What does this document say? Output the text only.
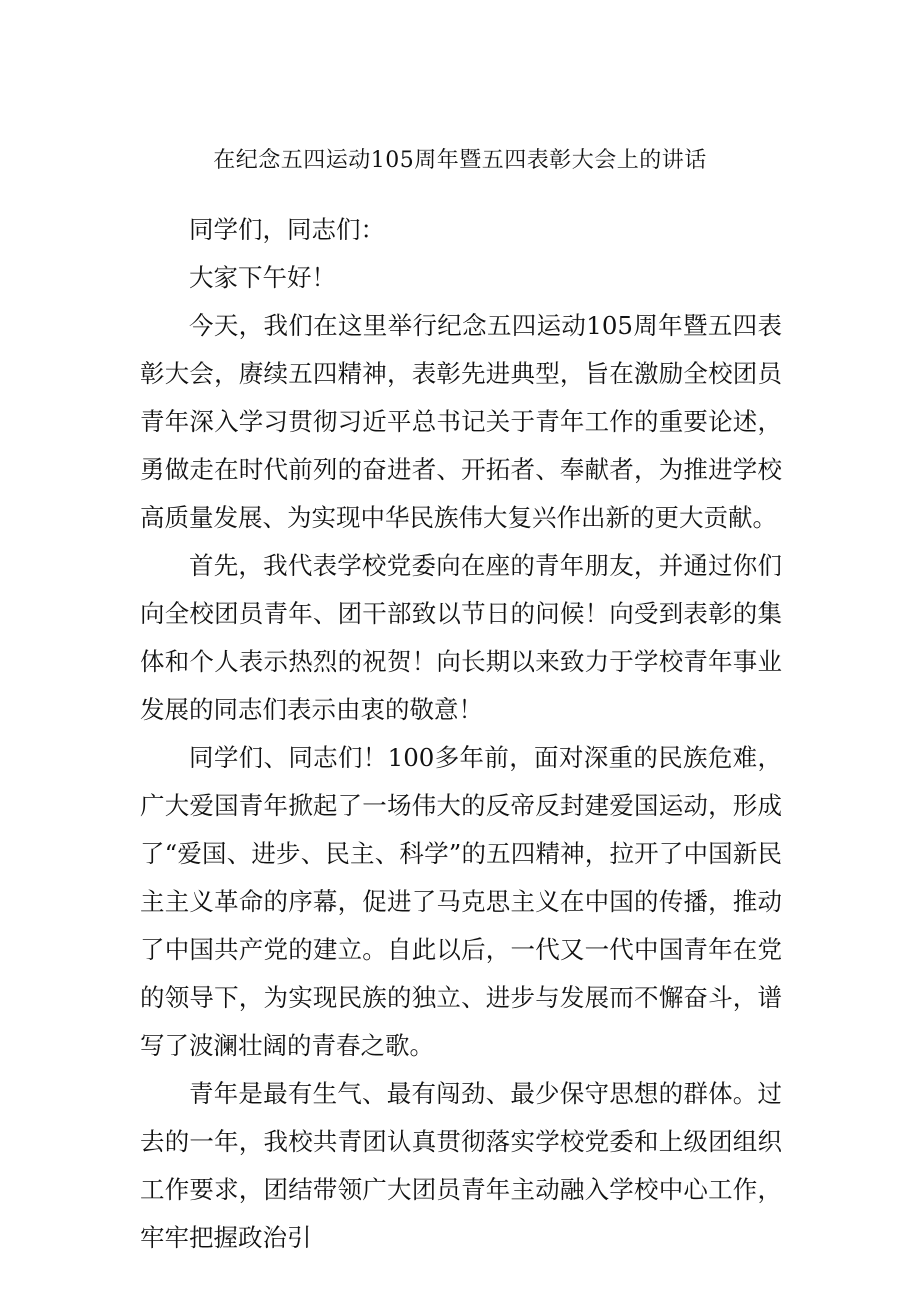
在纪念五四运动105周年暨五四表彰大会上的讲话

同学们，同志们：

大家下午好！

今天，我们在这里举行纪念五四运动105周年暨五四表彰大会，赓续五四精神，表彰先进典型，旨在激励全校团员青年深入学习贯彻习近平总书记关于青年工作的重要论述，勇做走在时代前列的奋进者、开拓者、奉献者，为推进学校高质量发展、为实现中华民族伟大复兴作出新的更大贡献。

首先，我代表学校党委向在座的青年朋友，并通过你们向全校团员青年、团干部致以节日的问候！向受到表彰的集体和个人表示热烈的祝贺！向长期以来致力于学校青年事业发展的同志们表示由衷的敬意！

同学们、同志们！100多年前，面对深重的民族危难，广大爱国青年掀起了一场伟大的反帝反封建爱国运动，形成了“爱国、进步、民主、科学”的五四精神，拉开了中国新民主主义革命的序幕，促进了马克思主义在中国的传播，推动了中国共产党的建立。自此以后，一代又一代中国青年在党的领导下，为实现民族的独立、进步与发展而不懈奋斗，谱写了波澜壮阔的青春之歌。

青年是最有生气、最有闯劲、最少保守思想的群体。过去的一年，我校共青团认真贯彻落实学校党委和上级团组织工作要求，团结带领广大团员青年主动融入学校中心工作，牢牢把握政治引
